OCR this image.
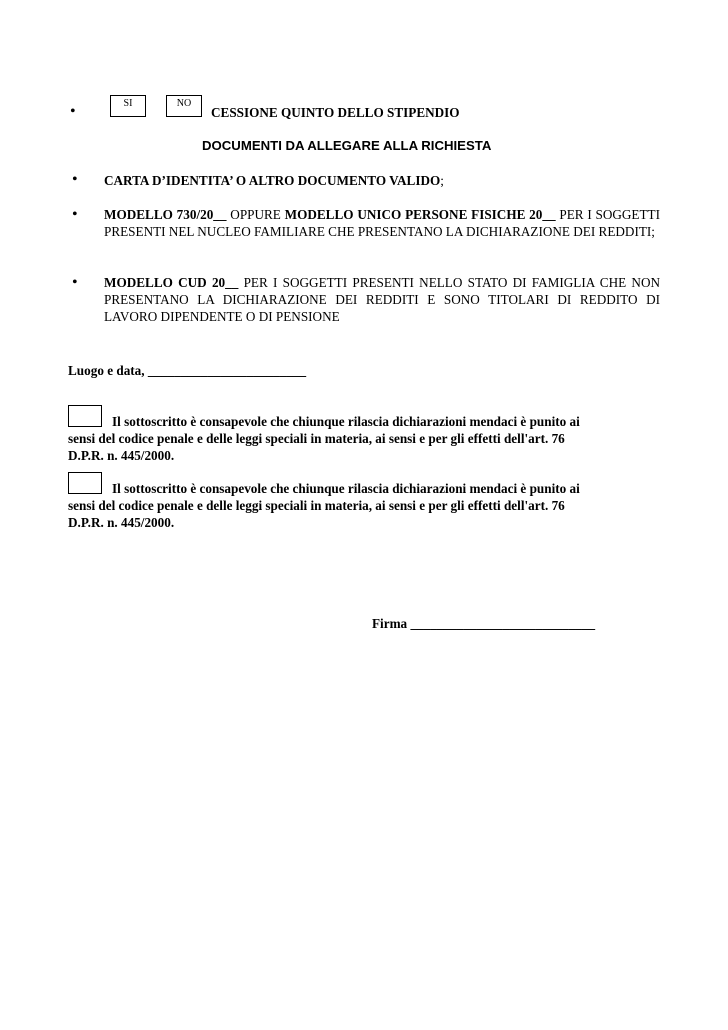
•	SI	NO
CESSIONE QUINTO DELLO STIPENDIO
DOCUMENTI DA ALLEGARE ALLA RICHIESTA
• CARTA D’IDENTITA’ O ALTRO DOCUMENTO VALIDO;
• MODELLO 730/20__ OPPURE MODELLO UNICO PERSONE FISICHE 20__ PER I SOGGETTI PRESENTI NEL NUCLEO FAMILIARE CHE PRESENTANO LA DICHIARAZIONE DEI REDDITI;
• MODELLO CUD 20__ PER I SOGGETTI PRESENTI NELLO STATO DI FAMIGLIA CHE NON PRESENTANO LA DICHIARAZIONE DEI REDDITI E SONO TITOLARI DI REDDITO DI LAVORO DIPENDENTE O DI PENSIONE
Luogo e data, ________________________
Il sottoscritto è consapevole che chiunque rilascia dichiarazioni mendaci è punito ai
sensi del codice penale e delle leggi speciali in materia, ai sensi e per gli effetti dell'art. 76
D.P.R. n. 445/2000.
Il sottoscritto è consapevole che chiunque rilascia dichiarazioni mendaci è punito ai
sensi del codice penale e delle leggi speciali in materia, ai sensi e per gli effetti dell'art. 76
D.P.R. n. 445/2000.
Firma ____________________________
